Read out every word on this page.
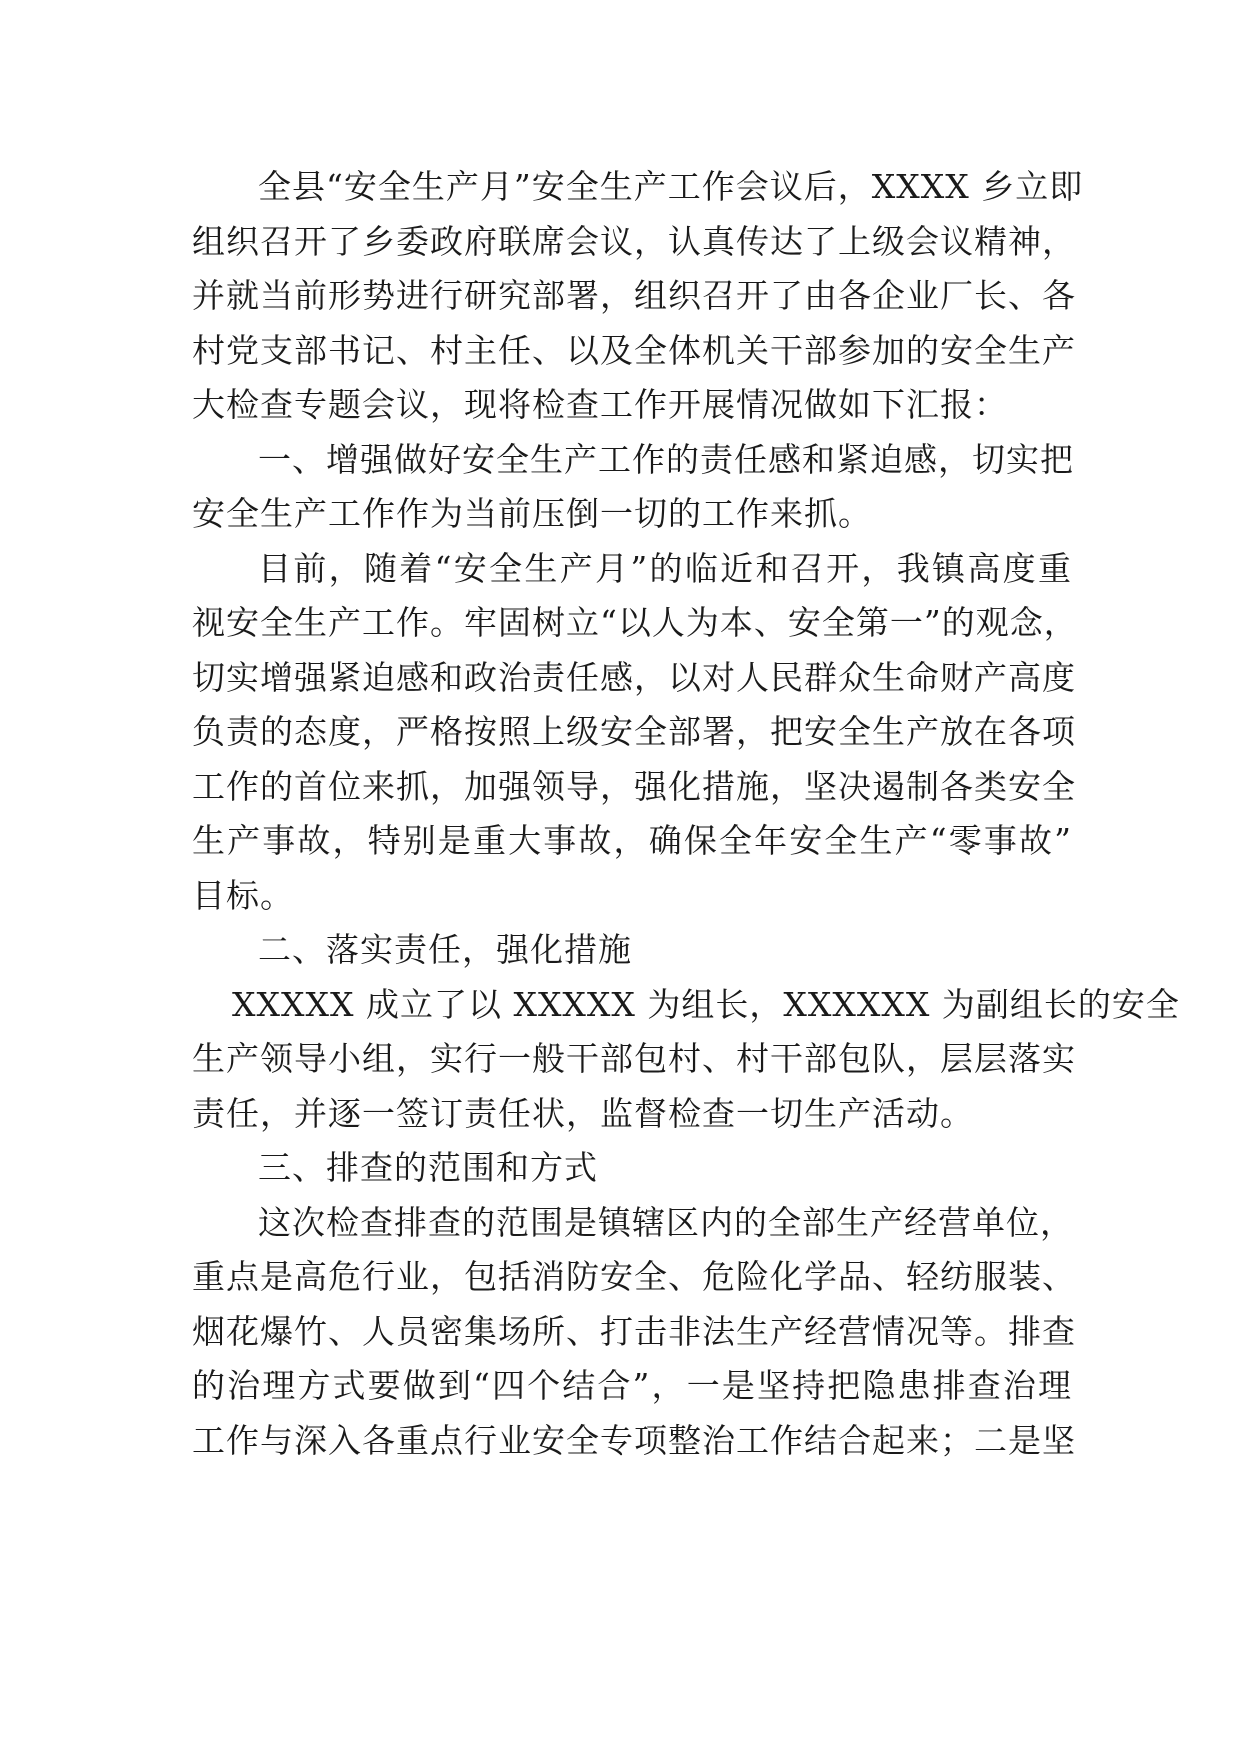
全县“安全生产月”安全生产工作会议后，XXXX 乡立即
组织召开了乡委政府联席会议，认真传达了上级会议精神，
并就当前形势进行研究部署，组织召开了由各企业厂长、各
村党支部书记、村主任、以及全体机关干部参加的安全生产
大检查专题会议，现将检查工作开展情况做如下汇报：
一、增强做好安全生产工作的责任感和紧迫感，切实把
安全生产工作作为当前压倒一切的工作来抓。
目前，随着“安全生产月”的临近和召开，我镇高度重
视安全生产工作。牢固树立“以人为本、安全第一”的观念，
切实增强紧迫感和政治责任感，以对人民群众生命财产高度
负责的态度，严格按照上级安全部署，把安全生产放在各项
工作的首位来抓，加强领导，强化措施，坚决遏制各类安全
生产事故，特别是重大事故，确保全年安全生产“零事故”
目标。
二、落实责任，强化措施
XXXXX 成立了以 XXXXX 为组长，XXXXXX 为副组长的安全
生产领导小组，实行一般干部包村、村干部包队，层层落实
责任，并逐一签订责任状，监督检查一切生产活动。
三、排查的范围和方式
这次检查排查的范围是镇辖区内的全部生产经营单位，
重点是高危行业，包括消防安全、危险化学品、轻纺服装、
烟花爆竹、人员密集场所、打击非法生产经营情况等。排查
的治理方式要做到“四个结合”，一是坚持把隐患排查治理
工作与深入各重点行业安全专项整治工作结合起来；二是坚
